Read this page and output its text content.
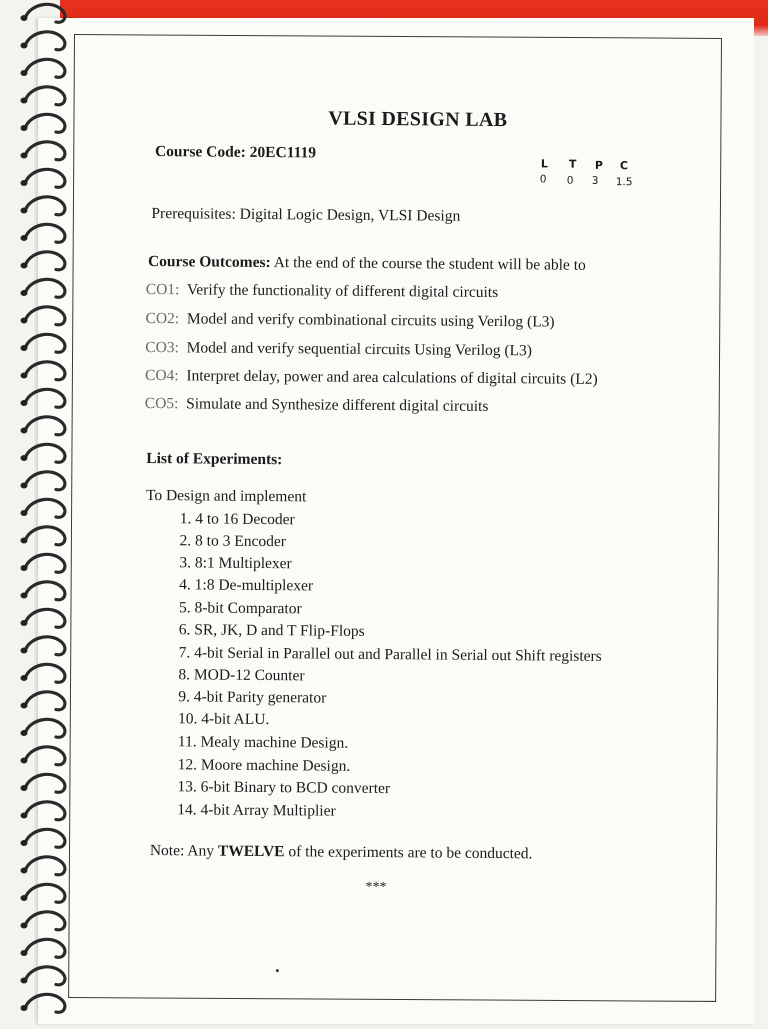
VLSI DESIGN LAB
Course Code: 20EC1119
L T P C
0 0 3 1.5
Prerequisites: Digital Logic Design, VLSI Design
Course Outcomes: At the end of the course the student will be able to
CO1: Verify the functionality of different digital circuits
CO2: Model and verify combinational circuits using Verilog (L3)
CO3: Model and verify sequential circuits Using Verilog (L3)
CO4: Interpret delay, power and area calculations of digital circuits (L2)
CO5: Simulate and Synthesize different digital circuits
List of Experiments:
To Design and implement
1. 4 to 16 Decoder
2. 8 to 3 Encoder
3. 8:1 Multiplexer
4. 1:8 De-multiplexer
5. 8-bit Comparator
6. SR, JK, D and T Flip-Flops
7. 4-bit Serial in Parallel out and Parallel in Serial out Shift registers
8. MOD-12 Counter
9. 4-bit Parity generator
10. 4-bit ALU.
11. Mealy machine Design.
12. Moore machine Design.
13. 6-bit Binary to BCD converter
14. 4-bit Array Multiplier
Note: Any TWELVE of the experiments are to be conducted.
***
